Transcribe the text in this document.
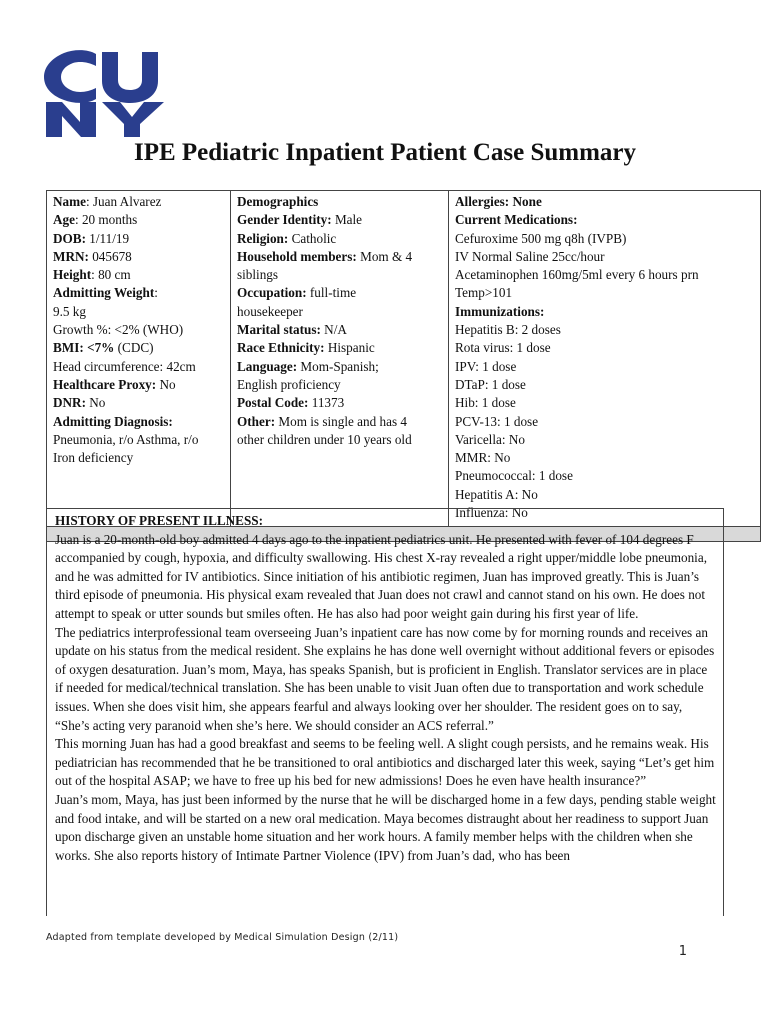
IPE Pediatric Inpatient Patient Case Summary
Name: Juan Alvarez
Age: 20 months
DOB: 1/11/19
MRN: 045678
Height: 80 cm
Admitting Weight:
9.5 kg
Growth %: <2% (WHO)
BMI: <7% (CDC)
Head circumference: 42cm
Healthcare Proxy: No
DNR: No
Admitting Diagnosis:
Pneumonia, r/o Asthma, r/o
Iron deficiency

Demographics
Gender Identity: Male
Religion: Catholic
Household members: Mom & 4
siblings
Occupation: full-time
housekeeper
Marital status: N/A
Race Ethnicity: Hispanic
Language: Mom-Spanish;
English proficiency
Postal Code: 11373
Other: Mom is single and has 4
other children under 10 years old

Allergies: None
Current Medications:
Cefuroxime 500 mg q8h (IVPB)
IV Normal Saline 25cc/hour
Acetaminophen 160mg/5ml every 6 hours prn
Temp>101
Immunizations:
Hepatitis B: 2 doses
Rota virus: 1 dose
IPV: 1 dose
DTaP: 1 dose
Hib: 1 dose
PCV-13: 1 dose
Varicella: No
MMR: No
Pneumococcal: 1 dose
Hepatitis A: No
Influenza: No

HISTORY OF PRESENT ILLNESS:

Juan is a 20-month-old boy admitted 4 days ago to the inpatient pediatrics unit. He presented with fever of 104 degrees F accompanied by cough, hypoxia, and difficulty swallowing. His chest X-ray revealed a right upper/middle lobe pneumonia, and he was admitted for IV antibiotics. Since initiation of his antibiotic regimen, Juan has improved greatly. This is Juan’s third episode of pneumonia. His physical exam revealed that Juan does not crawl and cannot stand on his own. He does not attempt to speak or utter sounds but smiles often. He has also had poor weight gain during his first year of life.

The pediatrics interprofessional team overseeing Juan’s inpatient care has now come by for morning rounds and receives an update on his status from the medical resident. She explains he has done well overnight without additional fevers or episodes of oxygen desaturation. Juan’s mom, Maya, has speaks Spanish, but is proficient in English. Translator services are in place if needed for medical/technical translation. She has been unable to visit Juan often due to transportation and work schedule issues. When she does visit him, she appears fearful and always looking over her shoulder. The resident goes on to say, “She’s acting very paranoid when she’s here. We should consider an ACS referral.”

This morning Juan has had a good breakfast and seems to be feeling well. A slight cough persists, and he remains weak. His pediatrician has recommended that he be transitioned to oral antibiotics and discharged later this week, saying “Let’s get him out of the hospital ASAP; we have to free up his bed for new admissions! Does he even have health insurance?”

Juan’s mom, Maya, has just been informed by the nurse that he will be discharged home in a few days, pending stable weight and food intake, and will be started on a new oral medication. Maya becomes distraught about her readiness to support Juan upon discharge given an unstable home situation and her work hours. A family member helps with the children when she works. She also reports history of Intimate Partner Violence (IPV) from Juan’s dad, who has been

Adapted from template developed by Medical Simulation Design (2/11)
1
